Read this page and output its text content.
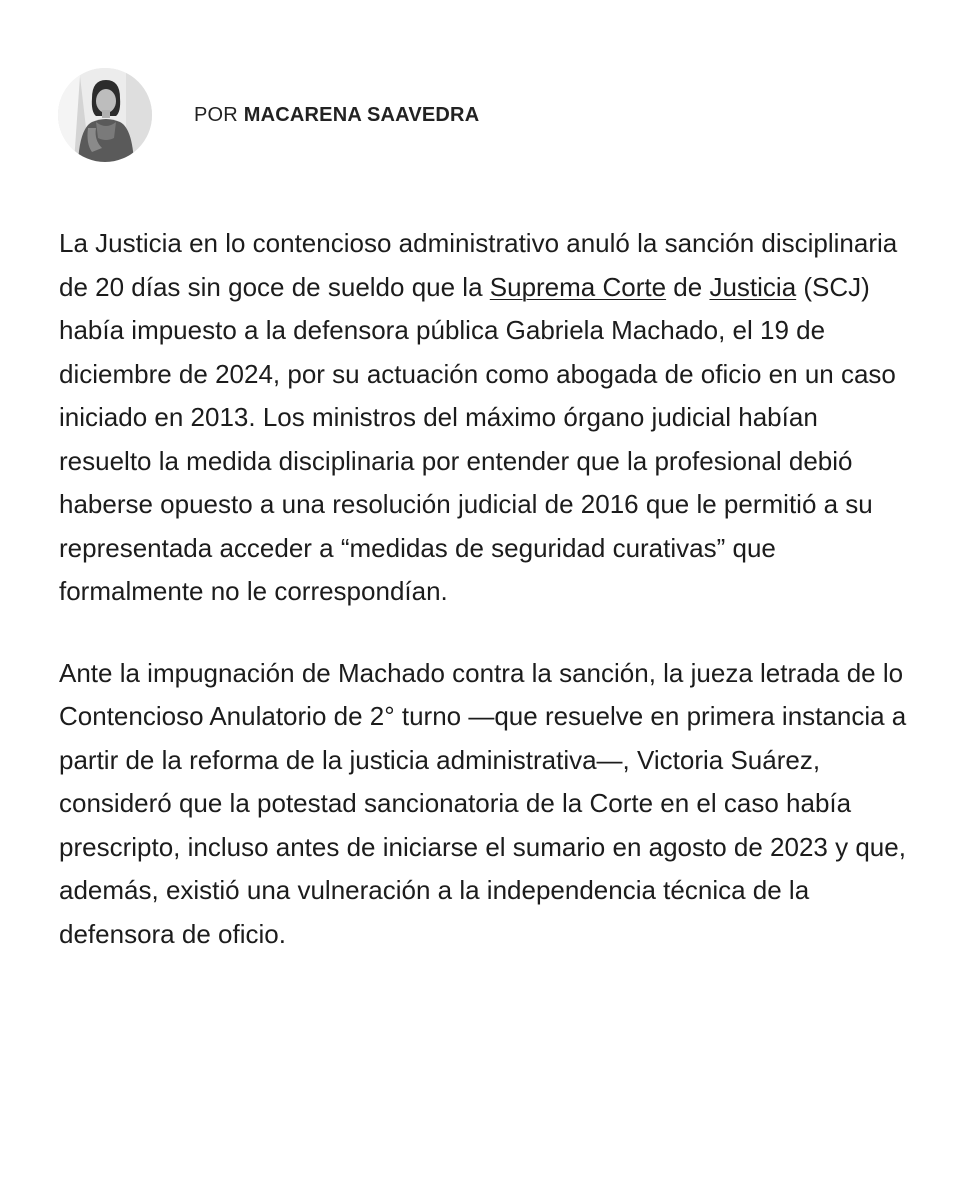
POR MACARENA SAAVEDRA

La Justicia en lo contencioso administrativo anuló la sanción disciplinaria de 20 días sin goce de sueldo que la Suprema Corte de Justicia (SCJ) había impuesto a la defensora pública Gabriela Machado, el 19 de diciembre de 2024, por su actuación como abogada de oficio en un caso iniciado en 2013. Los ministros del máximo órgano judicial habían resuelto la medida disciplinaria por entender que la profesional debió haberse opuesto a una resolución judicial de 2016 que le permitió a su representada acceder a “medidas de seguridad curativas” que formalmente no le correspondían.

Ante la impugnación de Machado contra la sanción, la jueza letrada de lo Contencioso Anulatorio de 2° turno —que resuelve en primera instancia a partir de la reforma de la justicia administrativa—, Victoria Suárez, consideró que la potestad sancionatoria de la Corte en el caso había prescripto, incluso antes de iniciarse el sumario en agosto de 2023 y que, además, existió una vulneración a la independencia técnica de la defensora de oficio.
